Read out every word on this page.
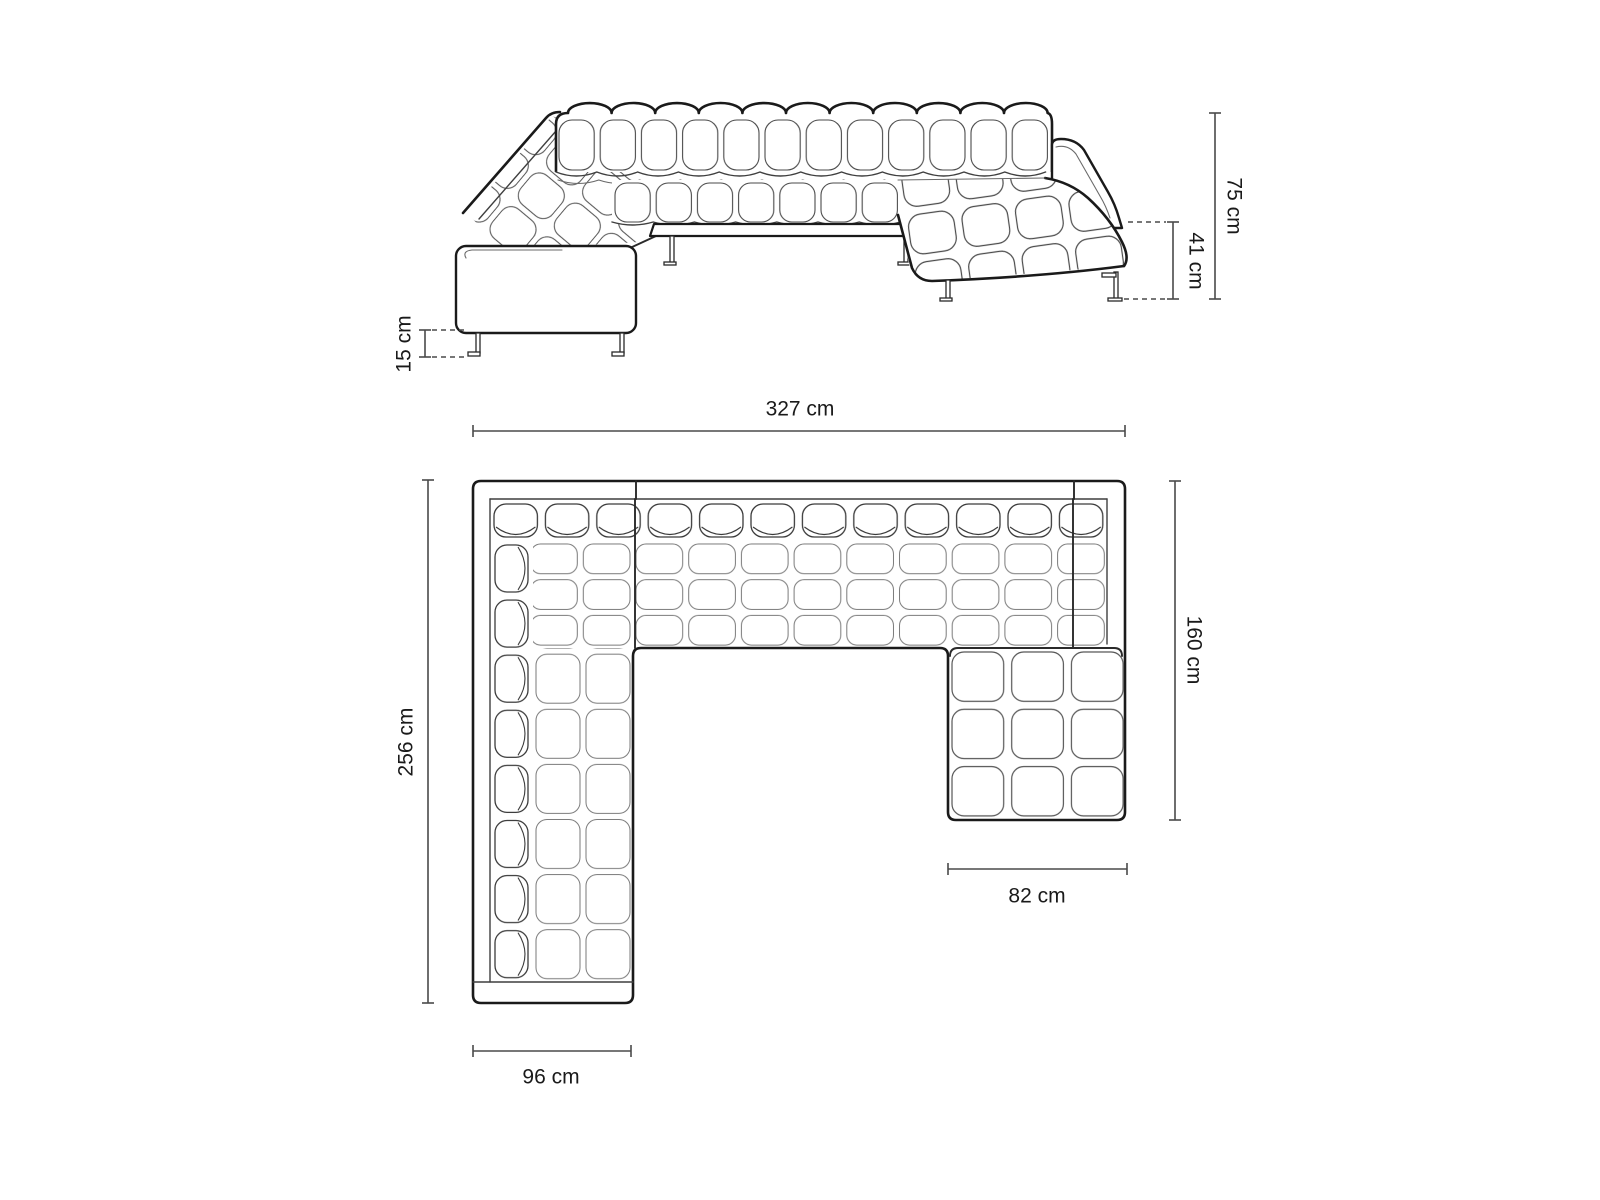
75 cm
41 cm
15 cm
327 cm
256 cm
160 cm
82 cm
96 cm
